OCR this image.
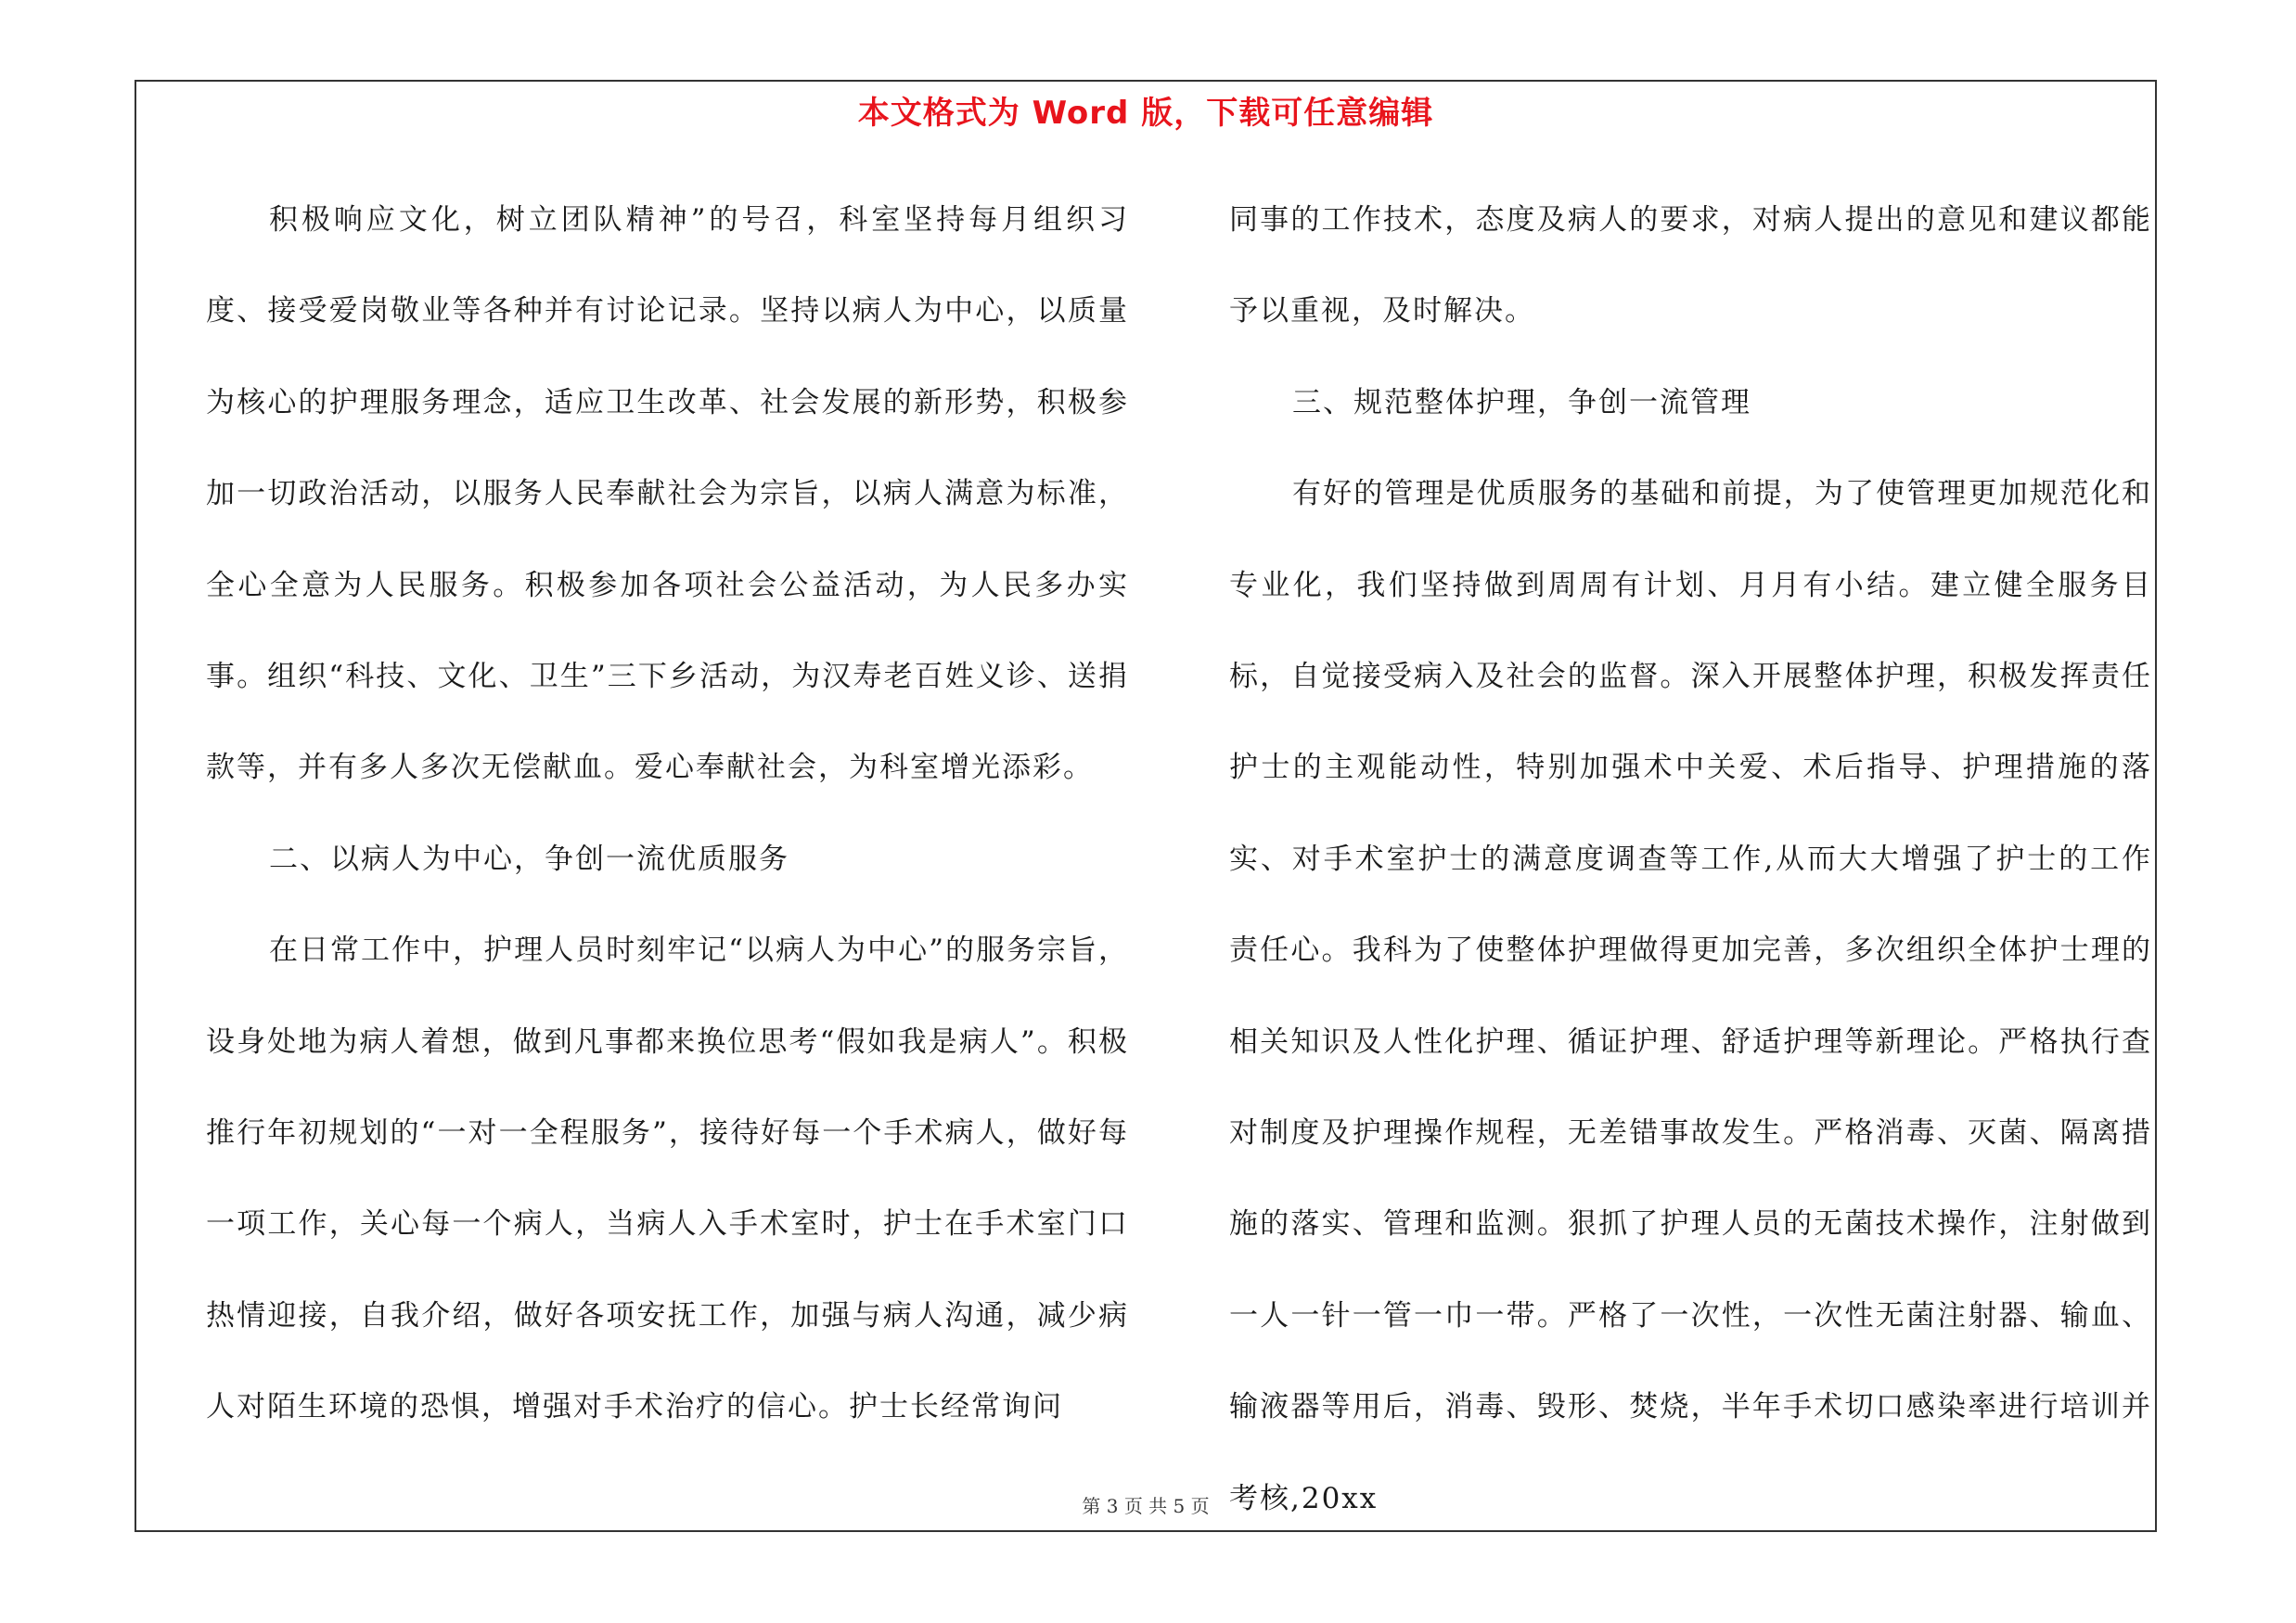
本文格式为 Word 版，下载可任意编辑

积极响应文化，树立团队精神”的号召，科室坚持每月组织习度、接受爱岗敬业等各种并有讨论记录。坚持以病人为中心，以质量为核心的护理服务理念，适应卫生改革、社会发展的新形势，积极参加一切政治活动，以服务人民奉献社会为宗旨，以病人满意为标准，全心全意为人民服务。积极参加各项社会公益活动，为人民多办实事。组织“科技、文化、卫生”三下乡活动，为汉寿老百姓义诊、送捐款等，并有多人多次无偿献血。爱心奉献社会，为科室增光添彩。

二、以病人为中心，争创一流优质服务

在日常工作中，护理人员时刻牢记“以病人为中心”的服务宗旨，设身处地为病人着想，做到凡事都来换位思考“假如我是病人”。积极推行年初规划的“一对一全程服务”，接待好每一个手术病人，做好每一项工作，关心每一个病人，当病人入手术室时，护士在手术室门口热情迎接，自我介绍，做好各项安抚工作，加强与病人沟通，减少病人对陌生环境的恐惧，增强对手术治疗的信心。护士长经常询问

同事的工作技术，态度及病人的要求，对病人提出的意见和建议都能予以重视，及时解决。

三、规范整体护理，争创一流管理

有好的管理是优质服务的基础和前提，为了使管理更加规范化和专业化，我们坚持做到周周有计划、月月有小结。建立健全服务目标，自觉接受病入及社会的监督。深入开展整体护理，积极发挥责任护士的主观能动性，特别加强术中关爱、术后指导、护理措施的落实、对手术室护士的满意度调查等工作,从而大大增强了护士的工作责任心。我科为了使整体护理做得更加完善，多次组织全体护士理的相关知识及人性化护理、循证护理、舒适护理等新理论。严格执行查对制度及护理操作规程，无差错事故发生。严格消毒、灭菌、隔离措施的落实、管理和监测。狠抓了护理人员的无菌技术操作，注射做到一人一针一管一巾一带。严格了一次性，一次性无菌注射器、输血、输液器等用后，消毒、毁形、焚烧，半年手术切口感染率进行培训并考核,20xx

第 3 页 共 5 页
